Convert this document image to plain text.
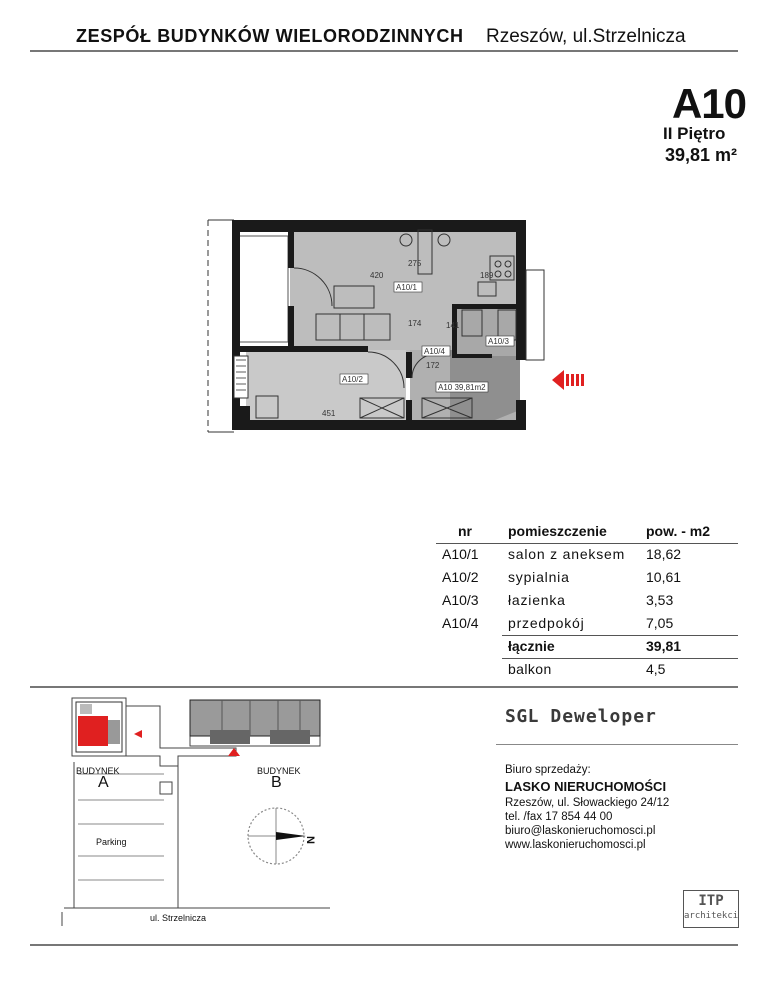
ZESPÓŁ BUDYNKÓW WIELORODZINNYCH Rzeszów, ul.Strzelnicza
A10
II Piętro
39,81 m²
A10/1
A10/2
A10/3
A10/4
A10 39,81m2
420	189
451
275
174	141
172
nr	pomieszczenie	pow. - m2
A10/1 salon z aneksem 18,62
A10/2 sypialnia	10,61
A10/3 łazienka	3,53
A10/4 przedpokój	7,05
łącznie	39,81
balkon	4,5
BUDYNEK
A
BUDYNEK
B
Parking
ul. Strzelnicza
N
SGL Deweloper
Biuro sprzedaży:
LASKO NIERUCHOMOŚCI
Rzeszów, ul. Słowackiego 24/12
tel. /fax 17 854 44 00
biuro@laskonieruchomosci.pl
www.laskonieruchomosci.pl
ITP
architekci
